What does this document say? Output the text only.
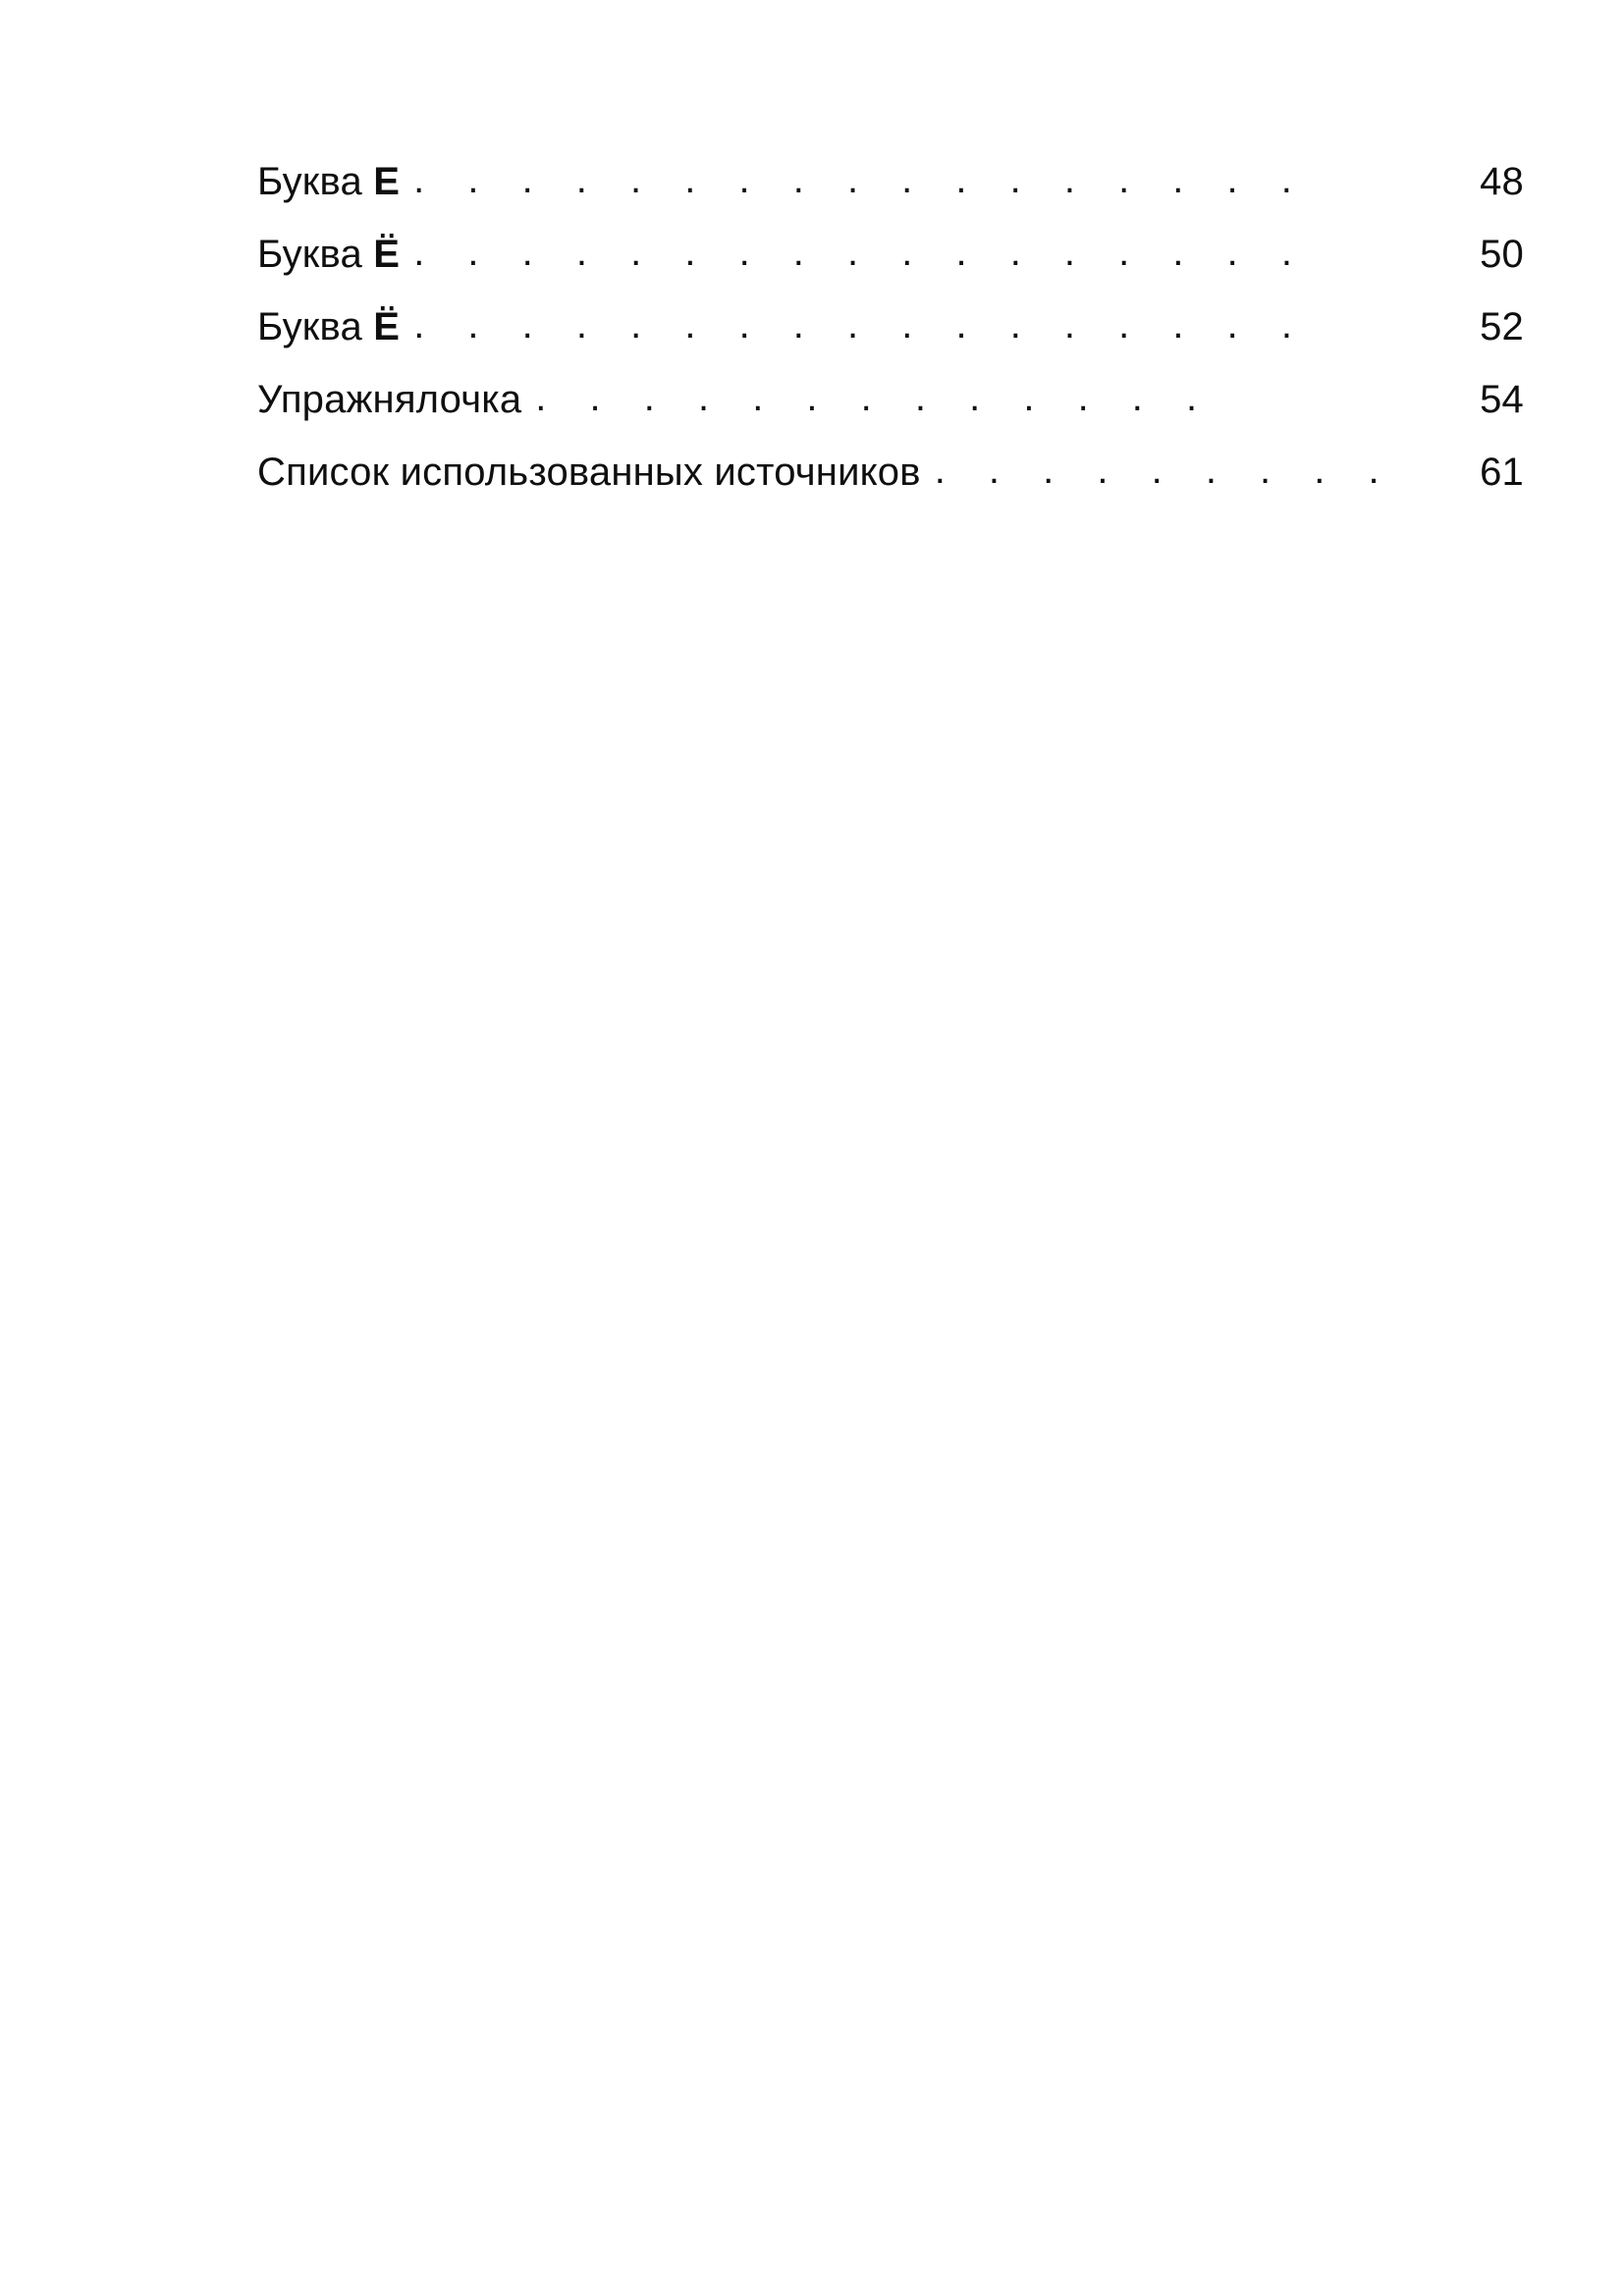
Буква Е . . . . . . . . . . . . . . . . .	48
Буква Ё . . . . . . . . . . . . . . . . .	50
Буква Ё . . . . . . . . . . . . . . . . .	52
Упражнялочка . . . . . . . . . . . . .	54
Список использованных источников . . . . . . . . .	61
